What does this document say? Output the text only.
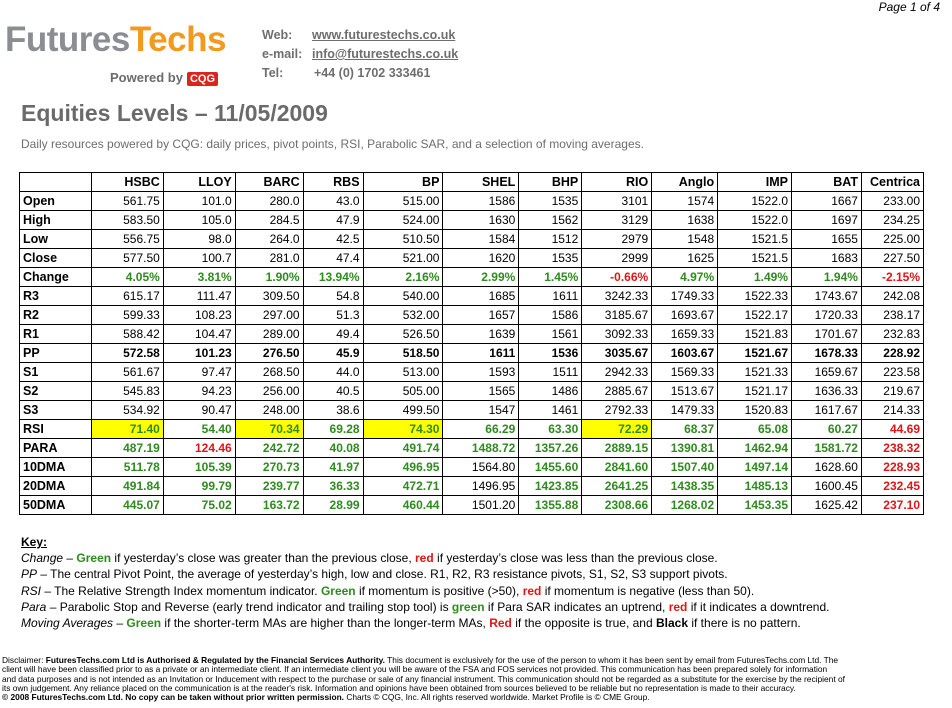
Page 1 of 4
FuturesTechs
Powered by CQG
Web:	www.futurestechs.co.uk
e-mail: info@futurestechs.co.uk
Tel:	+44 (0) 1702 333461
Equities Levels – 11/05/2009
Daily resources powered by CQG: daily prices, pivot points, RSI, Parabolic SAR, and a selection of moving averages.
	HSBC	LLOY	BARC	RBS	BP	SHEL	BHP	RIO	Anglo	IMP	BAT	Centrica
Open	561.75	101.0	280.0	43.0	515.00	1586	1535	3101	1574	1522.0	1667	233.00
High	583.50	105.0	284.5	47.9	524.00	1630	1562	3129	1638	1522.0	1697	234.25
Low	556.75	98.0	264.0	42.5	510.50	1584	1512	2979	1548	1521.5	1655	225.00
Close	577.50	100.7	281.0	47.4	521.00	1620	1535	2999	1625	1521.5	1683	227.50
Change	4.05%	3.81%	1.90%	13.94%	2.16%	2.99%	1.45%	-0.66%	4.97%	1.49%	1.94%	-2.15%
R3	615.17	111.47	309.50	54.8	540.00	1685	1611	3242.33	1749.33	1522.33	1743.67	242.08
R2	599.33	108.23	297.00	51.3	532.00	1657	1586	3185.67	1693.67	1522.17	1720.33	238.17
R1	588.42	104.47	289.00	49.4	526.50	1639	1561	3092.33	1659.33	1521.83	1701.67	232.83
PP	572.58	101.23	276.50	45.9	518.50	1611	1536	3035.67	1603.67	1521.67	1678.33	228.92
S1	561.67	97.47	268.50	44.0	513.00	1593	1511	2942.33	1569.33	1521.33	1659.67	223.58
S2	545.83	94.23	256.00	40.5	505.00	1565	1486	2885.67	1513.67	1521.17	1636.33	219.67
S3	534.92	90.47	248.00	38.6	499.50	1547	1461	2792.33	1479.33	1520.83	1617.67	214.33
RSI	71.40	54.40	70.34	69.28	74.30	66.29	63.30	72.29	68.37	65.08	60.27	44.69
PARA	487.19	124.46	242.72	40.08	491.74	1488.72	1357.26	2889.15	1390.81	1462.94	1581.72	238.32
10DMA	511.78	105.39	270.73	41.97	496.95	1564.80	1455.60	2841.60	1507.40	1497.14	1628.60	228.93
20DMA	491.84	99.79	239.77	36.33	472.71	1496.95	1423.85	2641.25	1438.35	1485.13	1600.45	232.45
50DMA	445.07	75.02	163.72	28.99	460.44	1501.20	1355.88	2308.66	1268.02	1453.35	1625.42	237.10
Key:
Change – Green if yesterday’s close was greater than the previous close, red if yesterday’s close was less than the previous close.
PP – The central Pivot Point, the average of yesterday’s high, low and close. R1, R2, R3 resistance pivots, S1, S2, S3 support pivots.
RSI – The Relative Strength Index momentum indicator. Green if momentum is positive (>50), red if momentum is negative (less than 50).
Para – Parabolic Stop and Reverse (early trend indicator and trailing stop tool) is green if Para SAR indicates an uptrend, red if it indicates a downtrend.
Moving Averages – Green if the shorter-term MAs are higher than the longer-term MAs, Red if the opposite is true, and Black if there is no pattern.
Disclaimer: FuturesTechs.com Ltd is Authorised & Regulated by the Financial Services Authority. This document is exclusively for the use of the person to whom it has been sent by email from FuturesTechs.com Ltd. The
client will have been classified prior to as a private or an intermediate client. If an intermediate client you will be aware of the FSA and FOS services not provided. This communication has been prepared solely for information
and data purposes and is not intended as an Invitation or Inducement with respect to the purchase or sale of any financial instrument. This communication should not be regarded as a substitute for the exercise by the recipient of
its own judgement. Any reliance placed on the communication is at the reader's risk. Information and opinions have been obtained from sources believed to be reliable but no representation is made to their accuracy.
© 2008 FuturesTechs.com Ltd. No copy can be taken without prior written permission. Charts © CQG, Inc. All rights reserved worldwide. Market Profile is © CME Group.
